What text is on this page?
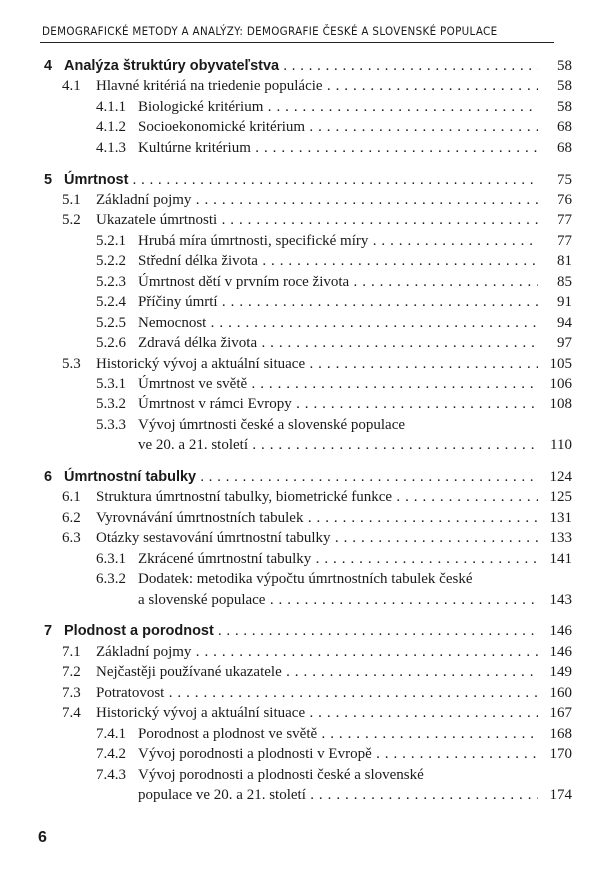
DEMOGRAFICKÉ METODY A ANALÝZY: DEMOGRAFIE ČESKÉ A SLOVENSKÉ POPULACE
4 Analýza štruktúry obyvateľstva . . .	58
4.1 Hlavné kritériá na triedenie populácie . . .	58
4.1.1 Biologické kritérium . . .	58
4.1.2 Socioekonomické kritérium . . .	68
4.1.3 Kultúrne kritérium . . .	68
5 Úmrtnost . . .	75
5.1 Základní pojmy . . .	76
5.2 Ukazatele úmrtnosti . . .	77
5.2.1 Hrubá míra úmrtnosti, specifické míry . . .	77
5.2.2 Střední délka života . . .	81
5.2.3 Úmrtnost dětí v prvním roce života . . .	85
5.2.4 Příčiny úmrtí . . .	91
5.2.5 Nemocnost . . .	94
5.2.6 Zdravá délka života . . .	97
5.3 Historický vývoj a aktuální situace . . .	105
5.3.1 Úmrtnost ve světě . . .	106
5.3.2 Úmrtnost v rámci Evropy . . .	108
5.3.3 Vývoj úmrtnosti české a slovenské populace
ve 20. a 21. století . . .	110
6 Úmrtnostní tabulky . . .	124
6.1 Struktura úmrtnostní tabulky, biometrické funkce . . .	125
6.2 Vyrovnávání úmrtnostních tabulek . . .	131
6.3 Otázky sestavování úmrtnostní tabulky . . .	133
6.3.1 Zkrácené úmrtnostní tabulky . . .	141
6.3.2 Dodatek: metodika výpočtu úmrtnostních tabulek české
a slovenské populace . . .	143
7 Plodnost a porodnost . . .	146
7.1 Základní pojmy . . .	146
7.2 Nejčastěji používané ukazatele . . .	149
7.3 Potratovost . . .	160
7.4 Historický vývoj a aktuální situace . . .	167
7.4.1 Porodnost a plodnost ve světě . . .	168
7.4.2 Vývoj porodnosti a plodnosti v Evropě . . .	170
7.4.3 Vývoj porodnosti a plodnosti české a slovenské
populace ve 20. a 21. století . . .	174
6
